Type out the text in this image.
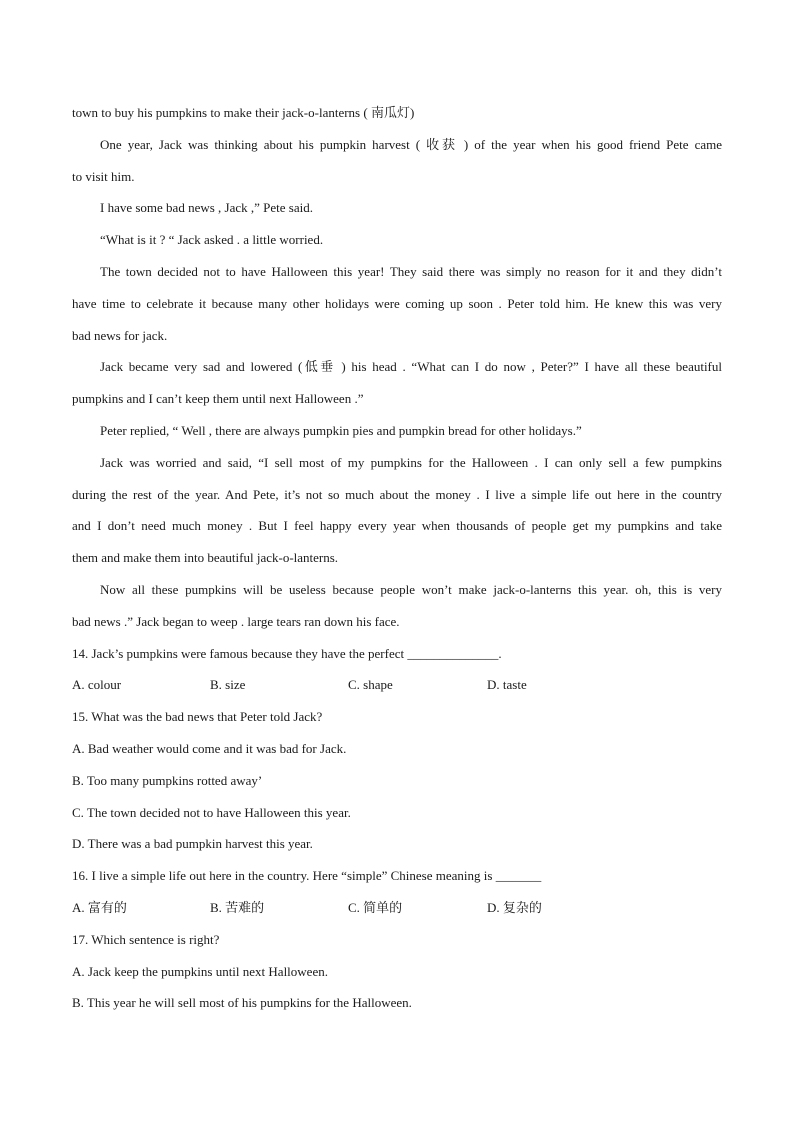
town to buy his pumpkins to make their jack-o-lanterns ( 南瓜灯)

One year, Jack was thinking about his pumpkin harvest ( 收获 ) of the year when his good friend Pete came

to visit him.

I have some bad news , Jack ,” Pete said.

“What is it ? “ Jack asked . a little worried.

The town decided not to have Halloween this year! They said there was simply no reason for it and they didn’t

have time to celebrate it because many other holidays were coming up soon . Peter told him. He knew this was very

bad news for jack.

Jack became very sad and lowered (低垂 ) his head . “What can I do now , Peter?” I have all these beautiful

pumpkins and I can’t keep them until next Halloween .”

Peter replied, “ Well , there are always pumpkin pies and pumpkin bread for other holidays.”

Jack was worried and said, “I sell most of my pumpkins for the Halloween . I can only sell a few pumpkins

during the rest of the year. And Pete, it’s not so much about the money . I live a simple life out here in the country

and I don’t need much money . But I feel happy every year when thousands of people get my pumpkins and take

them and make them into beautiful jack-o-lanterns.

Now all these pumpkins will be useless because people won’t make jack-o-lanterns this year. oh, this is very

bad news .” Jack began to weep . large tears ran down his face.

14. Jack’s pumpkins were famous because they have the perfect ______________.

A. colour	B. size	C. shape	D. taste

15. What was the bad news that Peter told Jack?

A. Bad weather would come and it was bad for Jack.

B. Too many pumpkins rotted away’

C. The town decided not to have Halloween this year.

D. There was a bad pumpkin harvest this year.

16. I live a simple life out here in the country. Here “simple” Chinese meaning is _______

A. 富有的	B. 苦难的	C. 简单的	D. 复杂的

17. Which sentence is right?

A. Jack keep the pumpkins until next Halloween.

B. This year he will sell most of his pumpkins for the Halloween.
